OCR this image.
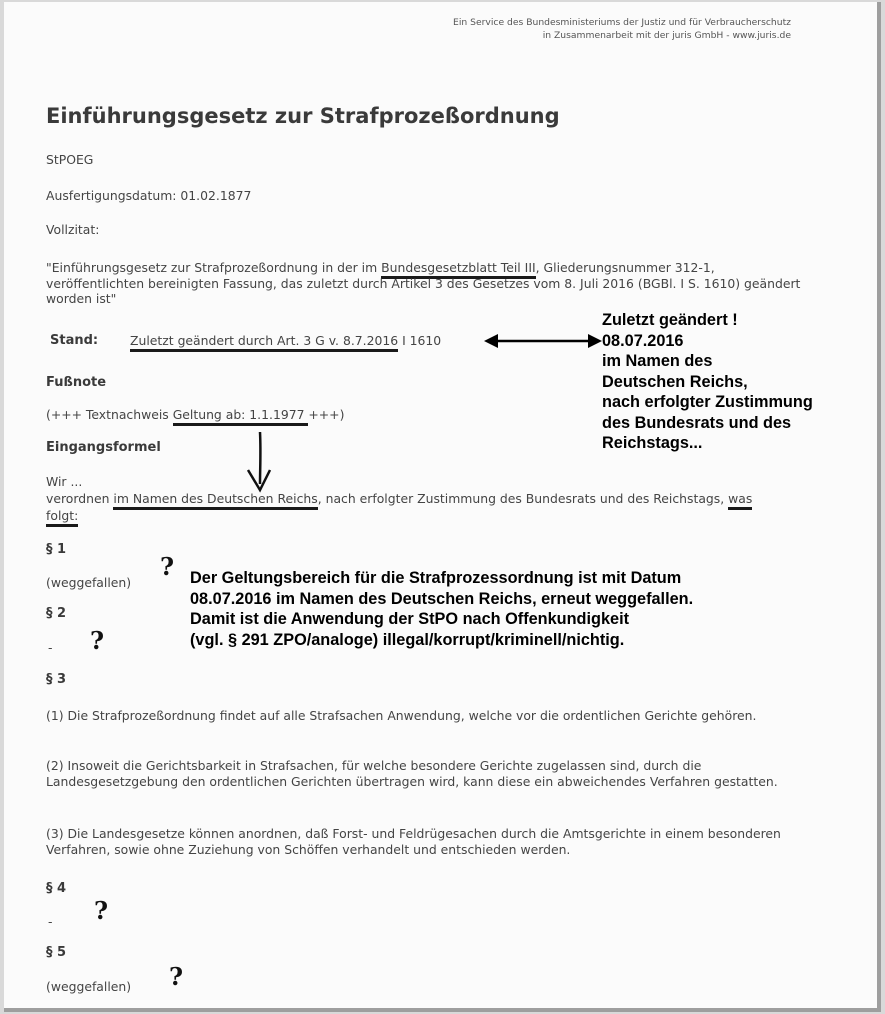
Ein Service des Bundesministeriums der Justiz und für Verbraucherschutz
in Zusammenarbeit mit der juris GmbH - www.juris.de
Einführungsgesetz zur Strafprozeßordnung
StPOEG
Ausfertigungsdatum: 01.02.1877
Vollzitat:
"Einführungsgesetz zur Strafprozeßordnung in der im Bundesgesetzblatt Teil III, Gliederungsnummer 312-1, veröffentlichten bereinigten Fassung, das zuletzt durch Artikel 3 des Gesetzes vom 8. Juli 2016 (BGBl. I S. 1610) geändert worden ist"
Stand:	Zuletzt geändert durch Art. 3 G v. 8.7.2016 I 1610
Fußnote
(+++ Textnachweis Geltung ab: 1.1.1977 +++)
Eingangsformel
Wir ...
verordnen im Namen des Deutschen Reichs, nach erfolgter Zustimmung des Bundesrats und des Reichstags, was
folgt:
§ 1
(weggefallen)
§ 2
-
§ 3
(1) Die Strafprozeßordnung findet auf alle Strafsachen Anwendung, welche vor die ordentlichen Gerichte gehören.
(2) Insoweit die Gerichtsbarkeit in Strafsachen, für welche besondere Gerichte zugelassen sind, durch die Landesgesetzgebung den ordentlichen Gerichten übertragen wird, kann diese ein abweichendes Verfahren gestatten.
(3) Die Landesgesetze können anordnen, daß Forst- und Feldrügesachen durch die Amtsgerichte in einem besonderen Verfahren, sowie ohne Zuziehung von Schöffen verhandelt und entschieden werden.
§ 4
-
§ 5
(weggefallen)
Zuletzt geändert !
08.07.2016
im Namen des
Deutschen Reichs,
nach erfolgter Zustimmung
des Bundesrats und des
Reichstags...
Der Geltungsbereich für die Strafprozessordnung ist mit Datum
08.07.2016 im Namen des Deutschen Reichs, erneut weggefallen.
Damit ist die Anwendung der StPO nach Offenkundigkeit
(vgl. § 291 ZPO/analoge) illegal/korrupt/kriminell/nichtig.
?
?
?
?
